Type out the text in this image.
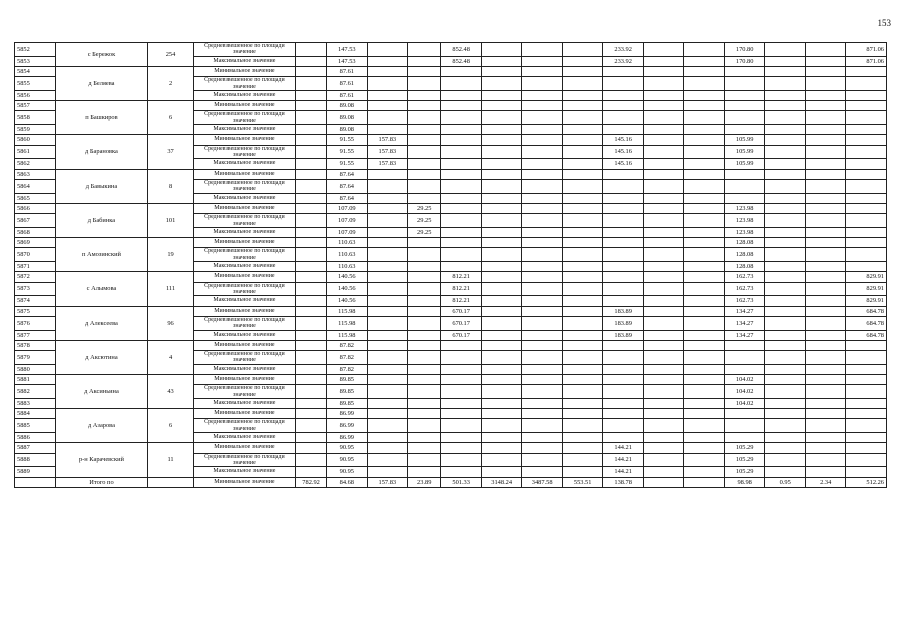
153
5852	с Бережок	254	Средневзвешенное по площади значение		147.53			852.48				233.92			170.80			871.06
5853			Максимальное значение		147.53			852.48				233.92			170.80			871.06
5854	д Беляева	2	Минимальное значение		87.61													
5855			Средневзвешенное по площади значение		87.61													
5856			Максимальное значение		87.61													
5857	п Башкиров	6	Минимальное значение		89.08													
5858			Средневзвешенное по площади значение		89.08													
5859			Максимальное значение		89.08													
5860	д Барановка	37	Минимальное значение		91.55	157.83						145.16			105.99			
5861			Средневзвешенное по площади значение		91.55	157.83						145.16			105.99			
5862			Максимальное значение		91.55	157.83						145.16			105.99			
5863	д Бавыкина	8	Минимальное значение		87.64													
5864			Средневзвешенное по площади значение		87.64													
5865			Максимальное значение		87.64													
5866	д Бабинка	101	Минимальное значение		107.09		29.25								123.98			
5867			Средневзвешенное по площади значение		107.09		29.25								123.98			
5868			Максимальное значение		107.09		29.25								123.98			
5869	п Амозинский	19	Минимальное значение		110.63										128.08			
5870			Средневзвешенное по площади значение		110.63										128.08			
5871			Максимальное значение		110.63										128.08			
5872	с Алымова	111	Минимальное значение		140.56			812.21							162.73			829.91
5873			Средневзвешенное по площади значение		140.56			812.21							162.73			829.91
5874			Максимальное значение		140.56			812.21							162.73			829.91
5875	д Алексеева	96	Минимальное значение		115.98			670.17				183.89			134.27			684.78
5876			Средневзвешенное по площади значение		115.98			670.17				183.89			134.27			684.78
5877			Максимальное значение		115.98			670.17				183.89			134.27			684.78
5878	д Аксютина	4	Минимальное значение		87.82													
5879			Средневзвешенное по площади значение		87.82													
5880			Максимальное значение		87.82													
5881	д Аксиньина	43	Минимальное значение		89.85										104.02			
5882			Средневзвешенное по площади значение		89.85										104.02			
5883			Максимальное значение		89.85										104.02			
5884	д Азарова	6	Минимальное значение		86.99													
5885			Средневзвешенное по площади значение		86.99													
5886			Максимальное значение		86.99													
5887	р-н Карачевский	11	Минимальное значение		90.95							144.21			105.29			
5888			Средневзвешенное по площади значение		90.95							144.21			105.29			
5889			Максимальное значение		90.95							144.21			105.29			
	Итого по		Минимальное значение	782.92	84.68	157.83	23.89	501.33	3148.24	3487.58	553.51	138.78			98.98	0.95	2.34	512.26
